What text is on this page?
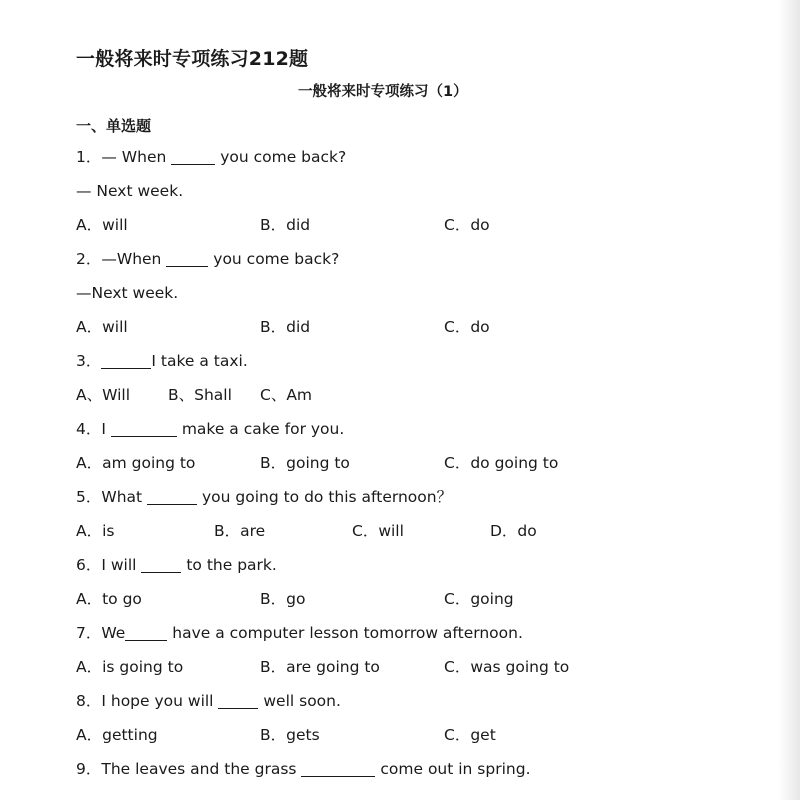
一般将来时专项练习212题
一般将来时专项练习（1）
一、单选题
1．— When	you come back?
— Next week.
A．will	B．did	C．do
2．—When	you come back?
—Next week.
A．will	B．did	C．do
3．	I take a taxi.
A、Will B、Shall C、Am
4．I	make a cake for you.
A．am going to	B．going to	C．do going to
5．What	you going to do this afternoon？
A．is	B．are	C．will	D．do
6．I will	to the park.
A．to go	B．go	C．going
7．We	have a computer lesson tomorrow afternoon.
A．is going to	B．are going to	C．was going to
8．I hope you will	well soon.
A．getting	B．gets	C．get
9．The leaves and the grass	come out in spring.
